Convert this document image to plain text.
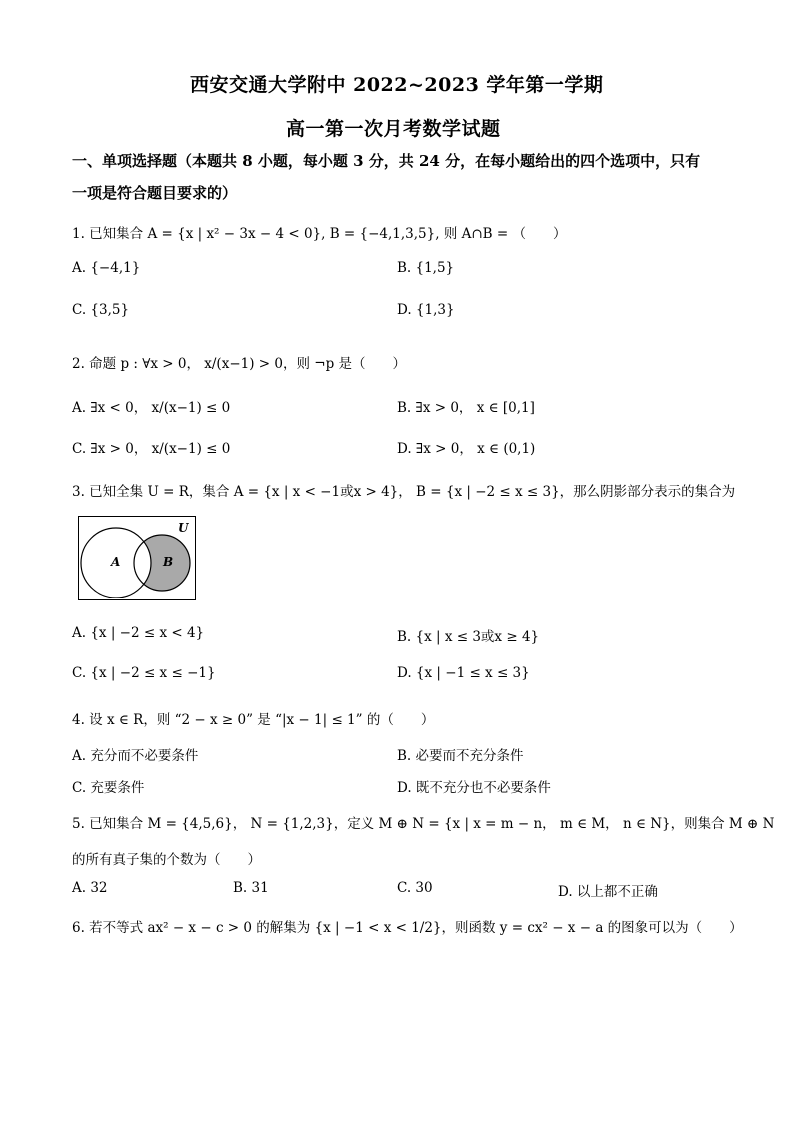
西安交通大学附中 2022~2023 学年第一学期
高一第一次月考数学试题
一、单项选择题（本题共 8 小题，每小题 3 分，共 24 分，在每小题给出的四个选项中，只有
一项是符合题目要求的）
1. 已知集合 A = {x | x² − 3x − 4 < 0}, B = {−4,1,3,5}, 则 A∩B = （　　）
A. {−4,1}	B. {1,5}
C. {3,5}	D. {1,3}
2. 命题 p : ∀x > 0， x/(x−1) > 0，则 ¬p 是（　　）
A. ∃x < 0， x/(x−1) ≤ 0	B. ∃x > 0， x ∈ [0,1]
C. ∃x > 0， x/(x−1) ≤ 0	D. ∃x > 0， x ∈ (0,1)
3. 已知全集 U = R，集合 A = {x | x < −1或x > 4}， B = {x | −2 ≤ x ≤ 3}，那么阴影部分表示的集合为
A	B
U
A. {x | −2 ≤ x < 4}	B. {x | x ≤ 3或x ≥ 4}
C. {x | −2 ≤ x ≤ −1}	D. {x | −1 ≤ x ≤ 3}
4. 设 x ∈ R，则 “2 − x ≥ 0” 是 “|x − 1| ≤ 1” 的（　　）
A. 充分而不必要条件	B. 必要而不充分条件
C. 充要条件	D. 既不充分也不必要条件
5. 已知集合 M = {4,5,6}， N = {1,2,3}，定义 M ⊕ N = {x | x = m − n， m ∈ M， n ∈ N}，则集合 M ⊕ N
的所有真子集的个数为（　　）
A. 32	B. 31	C. 30	D. 以上都不正确
6. 若不等式 ax² − x − c > 0 的解集为 {x | −1 < x < 1/2}，则函数 y = cx² − x − a 的图象可以为（　　）
